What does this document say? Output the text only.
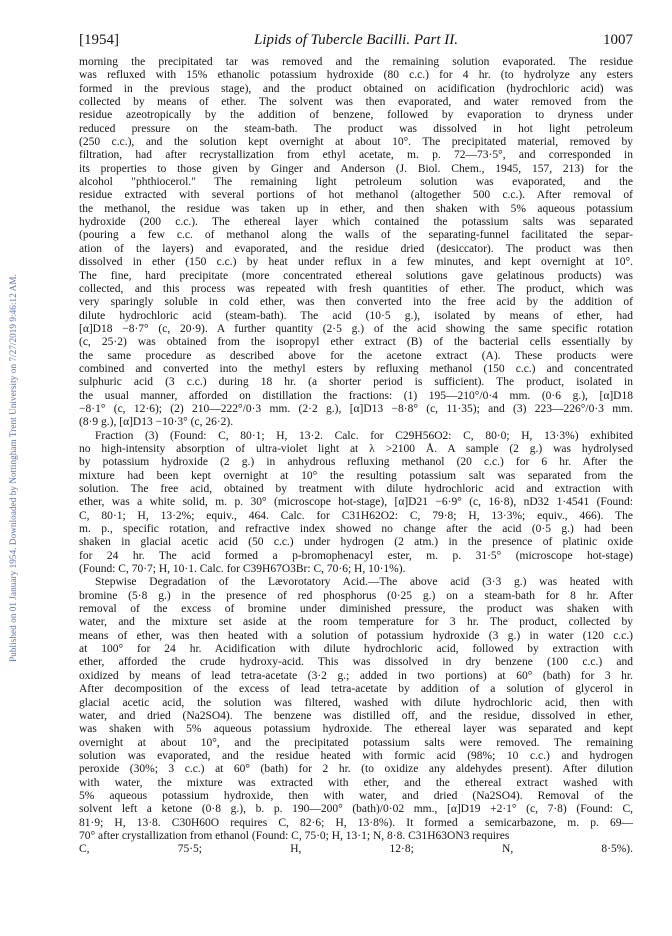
Published on 01 January 1954. Downloaded by Nottingham Trent University on 7/27/2019 9:46:12 AM.
[1954]	Lipids of Tubercle Bacilli. Part II.	1007
morning the precipitated tar was removed and the remaining solution evaporated. The residue
was refluxed with 15% ethanolic potassium hydroxide (80 c.c.) for 4 hr. (to hydrolyze any esters
formed in the previous stage), and the product obtained on acidification (hydrochloric acid) was
collected by means of ether. The solvent was then evaporated, and water removed from the
residue azeotropically by the addition of benzene, followed by evaporation to dryness under
reduced pressure on the steam-bath. The product was dissolved in hot light petroleum
(250 c.c.), and the solution kept overnight at about 10°. The precipitated material, removed by
filtration, had after recrystallization from ethyl acetate, m. p. 72—73·5°, and corresponded in
its properties to those given by Ginger and Anderson (J. Biol. Chem., 1945, 157, 213) for the
alcohol "phthiocerol." The remaining light petroleum solution was evaporated, and the
residue extracted with several portions of hot methanol (altogether 500 c.c.). After removal of
the methanol, the residue was taken up in ether, and then shaken with 5% aqueous potassium
hydroxide (200 c.c.). The ethereal layer which contained the potassium salts was separated
(pouring a few c.c. of methanol along the walls of the separating-funnel facilitated the separ-
ation of the layers) and evaporated, and the residue dried (desiccator). The product was then
dissolved in ether (150 c.c.) by heat under reflux in a few minutes, and kept overnight at 10°.
The fine, hard precipitate (more concentrated ethereal solutions gave gelatinous products) was
collected, and this process was repeated with fresh quantities of ether. The product, which was
very sparingly soluble in cold ether, was then converted into the free acid by the addition of
dilute hydrochloric acid (steam-bath). The acid (10·5 g.), isolated by means of ether, had
[α]D18 −8·7° (c, 20·9). A further quantity (2·5 g.) of the acid showing the same specific rotation
(c, 25·2) was obtained from the isopropyl ether extract (B) of the bacterial cells essentially by
the same procedure as described above for the acetone extract (A). These products were
combined and converted into the methyl esters by refluxing methanol (150 c.c.) and concentrated
sulphuric acid (3 c.c.) during 18 hr. (a shorter period is sufficient). The product, isolated in
the usual manner, afforded on distillation the fractions: (1) 195—210°/0·4 mm. (0·6 g.), [α]D18
−8·1° (c, 12·6); (2) 210—222°/0·3 mm. (2·2 g.), [α]D13 −8·8° (c, 11·35); and (3) 223—226°/0·3 mm.
(8·9 g.), [α]D13 −10·3° (c, 26·2).
Fraction (3) (Found: C, 80·1; H, 13·2. Calc. for C29H56O2: C, 80·0; H, 13·3%) exhibited
no high-intensity absorption of ultra-violet light at λ >2100 Å. A sample (2 g.) was hydrolysed
by potassium hydroxide (2 g.) in anhydrous refluxing methanol (20 c.c.) for 6 hr. After the
mixture had been kept overnight at 10° the resulting potassium salt was separated from the
solution. The free acid, obtained by treatment with dilute hydrochloric acid and extraction with
ether, was a white solid, m. p. 30° (microscope hot-stage), [α]D21 −6·9° (c, 16·8), nD32 1·4541 (Found:
C, 80·1; H, 13·2%; equiv., 464. Calc. for C31H62O2: C, 79·8; H, 13·3%; equiv., 466). The
m. p., specific rotation, and refractive index showed no change after the acid (0·5 g.) had been
shaken in glacial acetic acid (50 c.c.) under hydrogen (2 atm.) in the presence of platinic oxide
for 24 hr. The acid formed a p-bromophenacyl ester, m. p. 31·5° (microscope hot-stage)
(Found: C, 70·7; H, 10·1. Calc. for C39H67O3Br: C, 70·6; H, 10·1%).
Stepwise Degradation of the Lævorotatory Acid.—The above acid (3·3 g.) was heated with
bromine (5·8 g.) in the presence of red phosphorus (0·25 g.) on a steam-bath for 8 hr. After
removal of the excess of bromine under diminished pressure, the product was shaken with
water, and the mixture set aside at the room temperature for 3 hr. The product, collected by
means of ether, was then heated with a solution of potassium hydroxide (3 g.) in water (120 c.c.)
at 100° for 24 hr. Acidification with dilute hydrochloric acid, followed by extraction with
ether, afforded the crude hydroxy-acid. This was dissolved in dry benzene (100 c.c.) and
oxidized by means of lead tetra-acetate (3·2 g.; added in two portions) at 60° (bath) for 3 hr.
After decomposition of the excess of lead tetra-acetate by addition of a solution of glycerol in
glacial acetic acid, the solution was filtered, washed with dilute hydrochloric acid, then with
water, and dried (Na2SO4). The benzene was distilled off, and the residue, dissolved in ether,
was shaken with 5% aqueous potassium hydroxide. The ethereal layer was separated and kept
overnight at about 10°, and the precipitated potassium salts were removed. The remaining
solution was evaporated, and the residue heated with formic acid (98%; 10 c.c.) and hydrogen
peroxide (30%; 3 c.c.) at 60° (bath) for 2 hr. (to oxidize any aldehydes present). After dilution
with water, the mixture was extracted with ether, and the ethereal extract washed with
5% aqueous potassium hydroxide, then with water, and dried (Na2SO4). Removal of the
solvent left a ketone (0·8 g.), b. p. 190—200° (bath)/0·02 mm., [α]D19 +2·1° (c, 7·8) (Found: C,
81·9; H, 13·8. C30H60O requires C, 82·6; H, 13·8%). It formed a semicarbazone, m. p. 69—
70° after crystallization from ethanol (Found: C, 75·0; H, 13·1; N, 8·8. C31H63ON3 requires
C, 75·5; H, 12·8; N, 8·5%).
